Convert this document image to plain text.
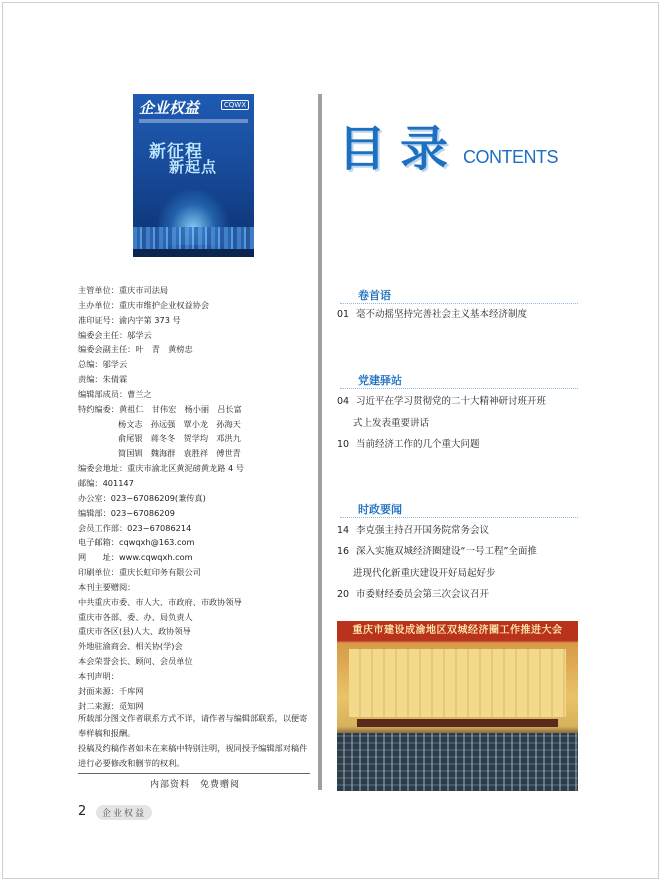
企业权益	CQWX
新征程
新起点
主管单位：重庆市司法局
主办单位：重庆市维护企业权益协会
准印证号：渝内字第 373 号
编委会主任：邬学云
编委会副主任：叶　青　黄榜忠
总编：邬学云
责编：朱倩霖
编辑部成员：曹兰之
特约编委：黄祖仁　甘伟宏　杨小丽　吕长富
杨文志　孙远强　覃小龙　孙海天
俞尾银　蒋冬冬　贺学均　邓洪九
简国钏　魏海群　袁胜祥　傅世青
编委会地址：重庆市渝北区黄泥磅黄龙路 4 号
邮编：401147
办公室：023−67086209(兼传真)
编辑部：023−67086209
会员工作部：023−67086214
电子邮箱：cqwqxh@163.com
网　　址：www.cqwqxh.com
印刷单位：重庆长虹印务有限公司
本刊主要赠阅：
中共重庆市委、市人大、市政府、市政协领导
重庆市各部、委、办、局负责人
重庆市各区(县)人大、政协领导
外地驻渝商会、相关协(学)会
本会荣誉会长、顾问、会员单位
本刊声明：
封面来源：千库网
封二来源：觅知网

所载部分图文作者联系方式不详，请作者与编辑部联系，以便寄奉样稿和报酬。

投稿及约稿作者如未在来稿中特别注明，视同授予编辑部对稿件进行必要修改和删节的权利。

内部资料　免费赠阅
2	企业权益
目录 CONTENTS
卷首语
01 毫不动摇坚持完善社会主义基本经济制度
党建驿站
04 习近平在学习贯彻党的二十大精神研讨班开班
式上发表重要讲话
10 当前经济工作的几个重大问题
时政要闻
14 李克强主持召开国务院常务会议
16 深入实施双城经济圈建设“一号工程”全面推
进现代化新重庆建设开好局起好步
20 市委财经委员会第三次会议召开
重庆市建设成渝地区双城经济圈工作推进大会
